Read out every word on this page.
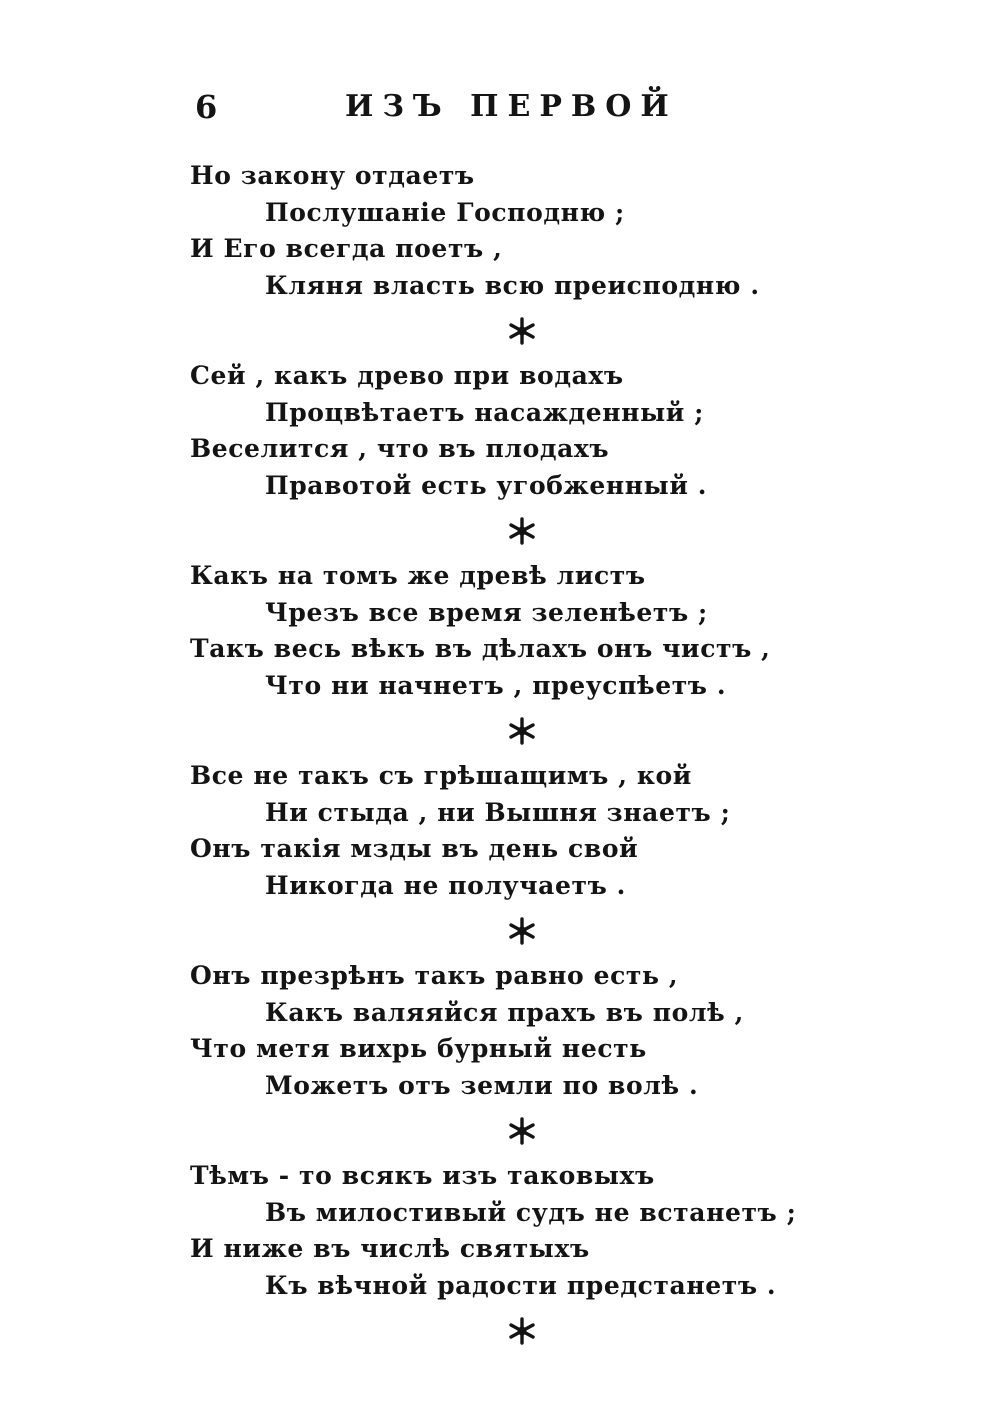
6	ИЗЪ ПЕРВОЙ
Но закону отдаетъ
Послушаніе Господню ;
И Его всегда поетъ ,
Кляня власть всю преисподню .
Сей , какъ древо при водахъ
Процвѣтаетъ насажденный ;
Веселится , что въ плодахъ
Правотой есть угобженный .
Какъ на томъ же древѣ листъ
Чрезъ все время зеленѣетъ ;
Такъ весь вѣкъ въ дѣлахъ онъ чистъ ,
Что ни начнетъ , преуспѣетъ .
Все не такъ съ грѣшащимъ , кой
Ни стыда , ни Вышня знаетъ ;
Онъ такія мзды въ день свой
Никогда не получаетъ .
Онъ презрѣнъ такъ равно есть ,
Какъ валяяйся прахъ въ полѣ ,
Что метя вихрь бурный несть
Можетъ отъ земли по волѣ .
Тѣмъ - то всякъ изъ таковыхъ
Въ милостивый судъ не встанетъ ;
И ниже въ числѣ святыхъ
Къ вѣчной радости предстанетъ .
